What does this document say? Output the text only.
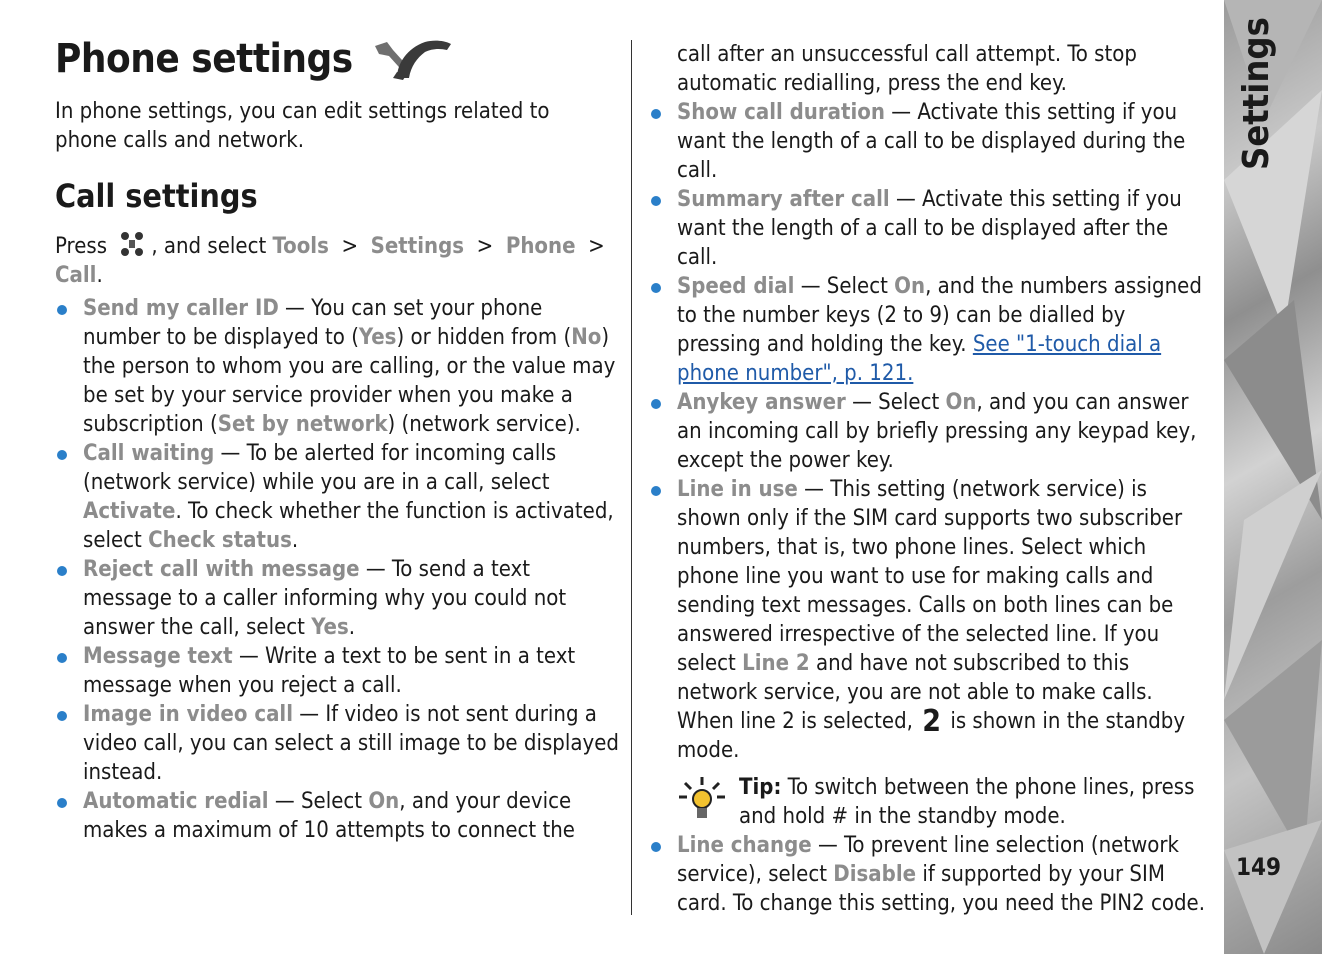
Phone settings

In phone settings, you can edit settings related to phone calls and network.

Call settings

Press , and select Tools > Settings > Phone > Call.

Send my caller ID — You can set your phone number to be displayed to (Yes) or hidden from (No) the person to whom you are calling, or the value may be set by your service provider when you make a subscription (Set by network) (network service).
Call waiting — To be alerted for incoming calls (network service) while you are in a call, select Activate. To check whether the function is activated, select Check status.
Reject call with message — To send a text message to a caller informing why you could not answer the call, select Yes.
Message text — Write a text to be sent in a text message when you reject a call.
Image in video call — If video is not sent during a video call, you can select a still image to be displayed instead.
Automatic redial — Select On, and your device makes a maximum of 10 attempts to connect the

call after an unsuccessful call attempt. To stop automatic redialling, press the end key.

Show call duration — Activate this setting if you want the length of a call to be displayed during the call.
Summary after call — Activate this setting if you want the length of a call to be displayed after the call.
Speed dial — Select On, and the numbers assigned to the number keys (2 to 9) can be dialled by pressing and holding the key. See "1-touch dial a phone number", p. 121.
Anykey answer — Select On, and you can answer an incoming call by briefly pressing any keypad key, except the power key.
Line in use — This setting (network service) is shown only if the SIM card supports two subscriber numbers, that is, two phone lines. Select which phone line you want to use for making calls and sending text messages. Calls on both lines can be answered irrespective of the selected line. If you select Line 2 and have not subscribed to this network service, you are not able to make calls. When line 2 is selected, 2 is shown in the standby mode.
Tip: To switch between the phone lines, press and hold # in the standby mode.
Line change — To prevent line selection (network service), select Disable if supported by your SIM card. To change this setting, you need the PIN2 code.
Settings
149
